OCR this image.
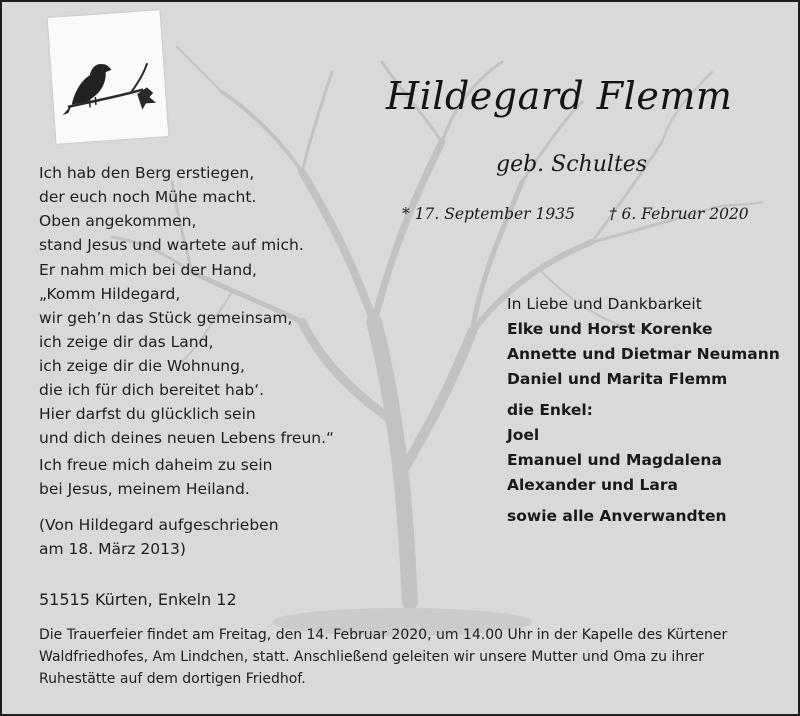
Hildegard Flemm
geb. Schultes
* 17. September 1935 † 6. Februar 2020
Ich hab den Berg erstiegen,
der euch noch Mühe macht.
Oben angekommen,
stand Jesus und wartete auf mich.
Er nahm mich bei der Hand,
„Komm Hildegard,
wir geh’n das Stück gemeinsam,
ich zeige dir das Land,
ich zeige dir die Wohnung,
die ich für dich bereitet hab‘.
Hier darfst du glücklich sein
und dich deines neuen Lebens freun.“
Ich freue mich daheim zu sein
bei Jesus, meinem Heiland.
(Von Hildegard aufgeschrieben
am 18. März 2013)
In Liebe und Dankbarkeit
Elke und Horst Korenke
Annette und Dietmar Neumann
Daniel und Marita Flemm
die Enkel:
Joel
Emanuel und Magdalena
Alexander und Lara
sowie alle Anverwandten
51515 Kürten, Enkeln 12
Die Trauerfeier findet am Freitag, den 14. Februar 2020, um 14.00 Uhr in der Kapelle des Kürtener
Waldfriedhofes, Am Lindchen, statt. Anschließend geleiten wir unsere Mutter und Oma zu ihrer
Ruhestätte auf dem dortigen Friedhof.
